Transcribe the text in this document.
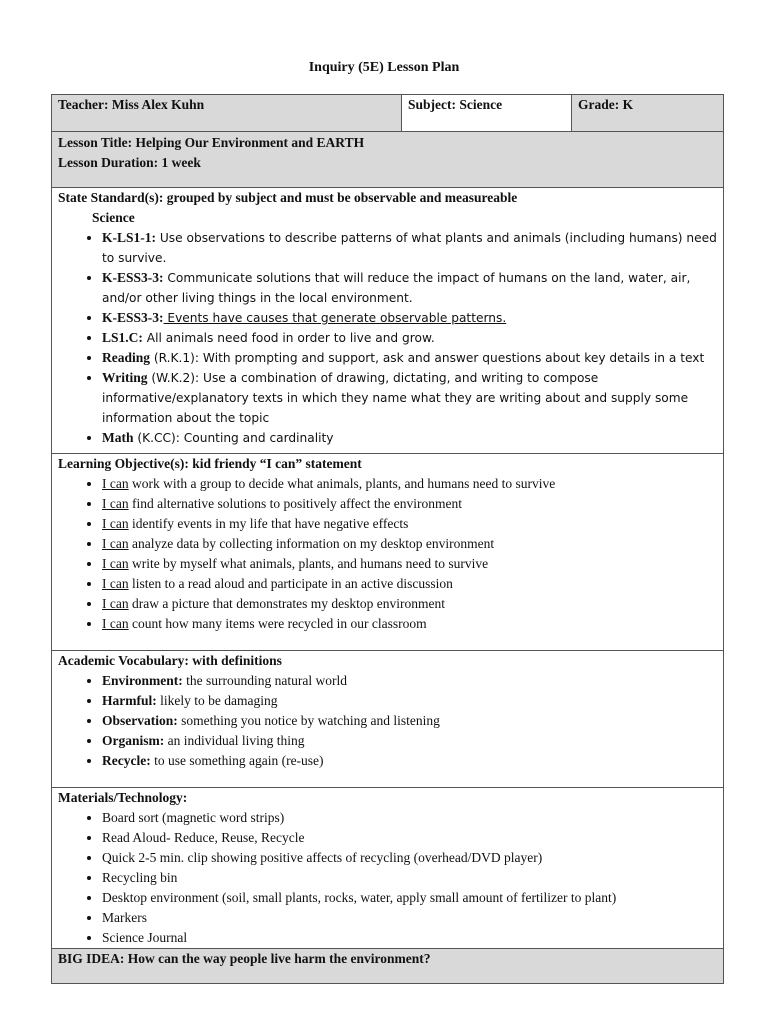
Inquiry (5E) Lesson Plan
Teacher: Miss Alex Kuhn	Subject: Science	Grade: K

Lesson Title: Helping Our Environment and EARTH
Lesson Duration: 1 week

State Standard(s): grouped by subject and must be observable and measureable
Science
• K-LS1-1: Use observations to describe patterns of what plants and animals (including humans) need to survive.
• K-ESS3-3: Communicate solutions that will reduce the impact of humans on the land, water, air, and/or other living things in the local environment.
• K-ESS3-3: Events have causes that generate observable patterns.
• LS1.C: All animals need food in order to live and grow.
• Reading (R.K.1): With prompting and support, ask and answer questions about key details in a text
• Writing (W.K.2): Use a combination of drawing, dictating, and writing to compose informative/explanatory texts in which they name what they are writing about and supply some information about the topic
• Math (K.CC): Counting and cardinality

Learning Objective(s): kid friendy “I can” statement
• I can work with a group to decide what animals, plants, and humans need to survive
• I can find alternative solutions to positively affect the environment
• I can identify events in my life that have negative effects
• I can analyze data by collecting information on my desktop environment
• I can write by myself what animals, plants, and humans need to survive
• I can listen to a read aloud and participate in an active discussion
• I can draw a picture that demonstrates my desktop environment
• I can count how many items were recycled in our classroom

Academic Vocabulary: with definitions
• Environment: the surrounding natural world
• Harmful: likely to be damaging
• Observation: something you notice by watching and listening
• Organism: an individual living thing
• Recycle: to use something again (re-use)

Materials/Technology:
• Board sort (magnetic word strips)
• Read Aloud- Reduce, Reuse, Recycle
• Quick 2-5 min. clip showing positive affects of recycling (overhead/DVD player)
• Recycling bin
• Desktop environment (soil, small plants, rocks, water, apply small amount of fertilizer to plant)
• Markers
• Science Journal

BIG IDEA: How can the way people live harm the environment?
